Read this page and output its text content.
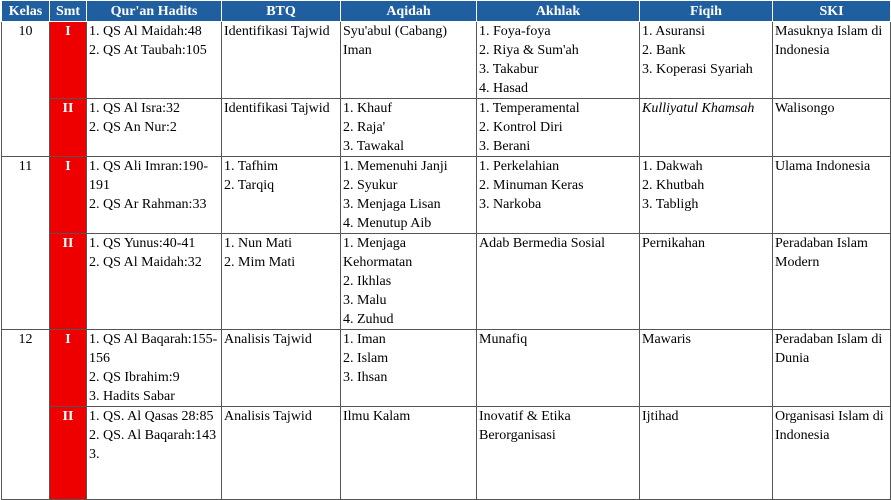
Kelas	Smt	Qur'an Hadits	BTQ	Aqidah	Akhlak	Fiqih	SKI
10	I	1. QS Al Maidah:48
2. QS At Taubah:105	Identifikasi Tajwid	Syu'abul (Cabang) Iman	1. Foya-foya
2. Riya & Sum'ah
3. Takabur
4. Hasad	1. Asuransi
2. Bank
3. Koperasi Syariah	Masuknya Islam di Indonesia

	II	1. QS Al Isra:32
2. QS An Nur:2	Identifikasi Tajwid	1. Khauf
2. Raja'
3. Tawakal	1. Temperamental
2. Kontrol Diri
3. Berani	Kulliyatul Khamsah	Walisongo

11	I	1. QS Ali Imran:190-191
2. QS Ar Rahman:33	1. Tafhim
2. Tarqiq	1. Memenuhi Janji
2. Syukur
3. Menjaga Lisan
4. Menutup Aib	1. Perkelahian
2. Minuman Keras
3. Narkoba	1. Dakwah
2. Khutbah
3. Tabligh	Ulama Indonesia

	II	1. QS Yunus:40-41
2. QS Al Maidah:32	1. Nun Mati
2. Mim Mati	1. Menjaga Kehormatan
2. Ikhlas
3. Malu
4. Zuhud	Adab Bermedia Sosial	Pernikahan	Peradaban Islam Modern

12	I	1. QS Al Baqarah:155-156
2. QS Ibrahim:9
3. Hadits Sabar	Analisis Tajwid	1. Iman
2. Islam
3. Ihsan	Munafiq	Mawaris	Peradaban Islam di Dunia

	II	1. QS. Al Qasas 28:85
2. QS. Al Baqarah:143
3.	Analisis Tajwid	Ilmu Kalam	Inovatif & Etika Berorganisasi	Ijtihad	Organisasi Islam di Indonesia
